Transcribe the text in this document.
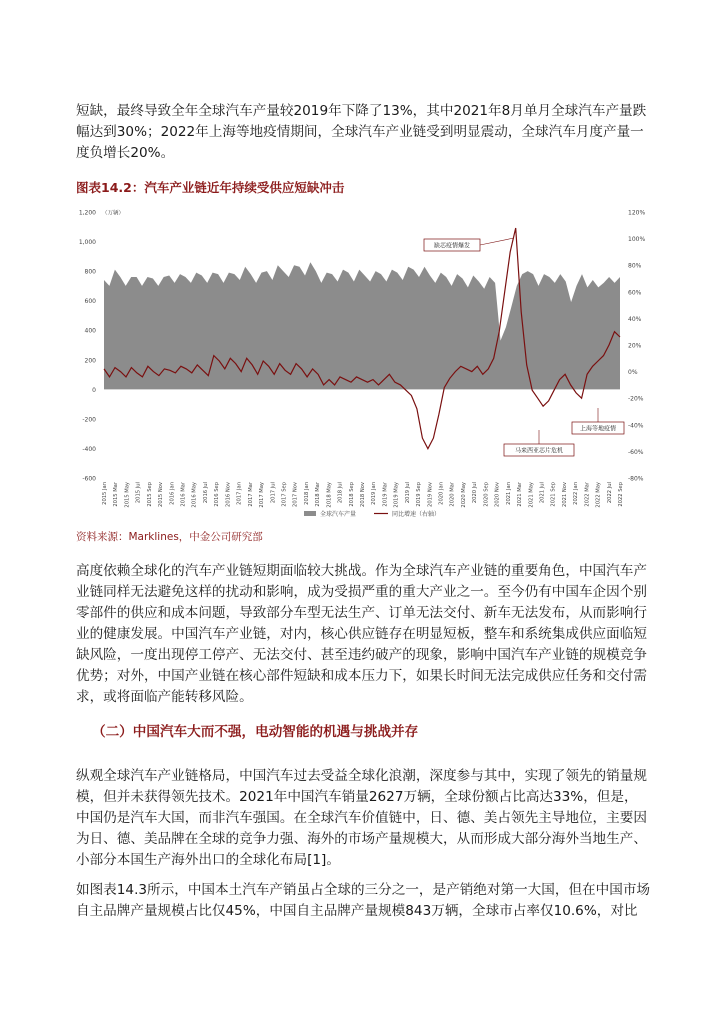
短缺，最终导致全年全球汽车产量较2019年下降了13%，其中2021年8月单月全球汽车产量跌幅达到30%；2022年上海等地疫情期间，全球汽车产业链受到明显震动，全球汽车月度产量一度负增长20%。

图表14.2：汽车产业链近年持续受供应短缺冲击

1,200
1,000
800
600
400
200
0
-200
-400
-600
（万辆）	120%
100%
80%
60%
40%
20%
0%
-20%
-40%
-60%
-80%
2015 Jan 2015 Mar 2015 May 2015 Jul 2015 Sep 2015 Nov 2016 Jan 2016 Mar 2016 May 2016 Jul 2016 Sep 2016 Nov 2017 Jan 2017 Mar 2017 May 2017 Jul 2017 Sep 2017 Nov 2018 Jan 2018 Mar 2018 May 2018 Jul 2018 Sep 2018 Nov 2019 Jan 2019 Mar 2019 May 2019 Jul 2019 Sep 2019 Nov 2020 Jan 2020 Mar 2020 May 2020 Jul 2020 Sep 2020 Nov 2021 Jan 2021 Mar 2021 May 2021 Jul 2021 Sep 2021 Nov 2022 Jan 2022 Mar 2022 May 2022 Jul 2022 Sep
缺芯疫情爆发
上海等地疫情
马来西亚芯片危机
全球汽车产量	同比增速（右轴）

资料来源：Marklines，中金公司研究部

高度依赖全球化的汽车产业链短期面临较大挑战。作为全球汽车产业链的重要角色，中国汽车产业链同样无法避免这样的扰动和影响，成为受损严重的重大产业之一。至今仍有中国车企因个别零部件的供应和成本问题，导致部分车型无法生产、订单无法交付、新车无法发布，从而影响行业的健康发展。中国汽车产业链，对内，核心供应链存在明显短板，整车和系统集成供应面临短缺风险，一度出现停工停产、无法交付、甚至违约破产的现象，影响中国汽车产业链的规模竞争优势；对外，中国产业链在核心部件短缺和成本压力下，如果长时间无法完成供应任务和交付需求，或将面临产能转移风险。

（二）中国汽车大而不强，电动智能的机遇与挑战并存

纵观全球汽车产业链格局，中国汽车过去受益全球化浪潮，深度参与其中，实现了领先的销量规模，但并未获得领先技术。2021年中国汽车销量2627万辆，全球份额占比高达33%，但是，中国仍是汽车大国，而非汽车强国。在全球汽车价值链中，日、德、美占领先主导地位，主要因为日、德、美品牌在全球的竞争力强、海外的市场产量规模大，从而形成大部分海外当地生产、小部分本国生产海外出口的全球化布局[1]。

如图表14.3所示，中国本土汽车产销虽占全球的三分之一，是产销绝对第一大国，但在中国市场自主品牌产量规模占比仅45%，中国自主品牌产量规模843万辆，全球市占率仅10.6%，对比
